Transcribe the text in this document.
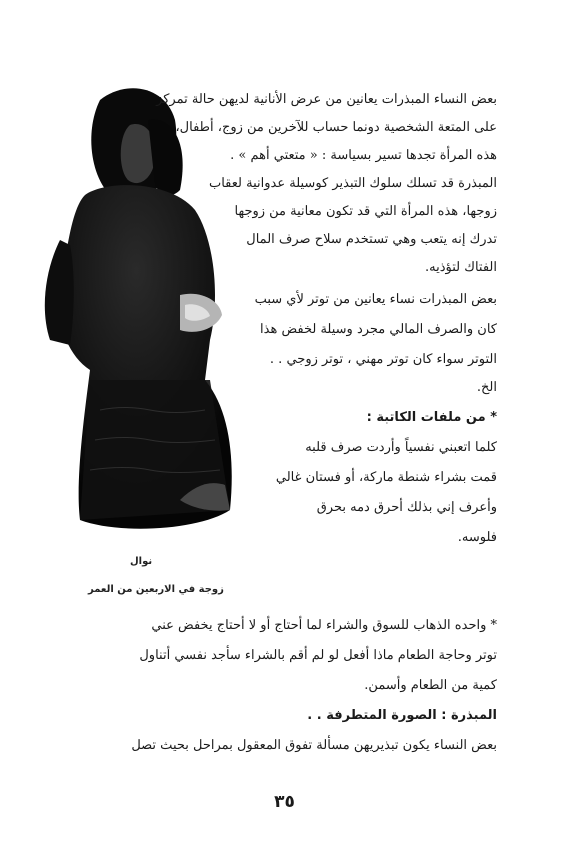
نوال
زوجة في الاربعين من العمر
بعض النساء المبذرات يعانين من عرض الأنانية لديهن حالة تمركز
على المتعة الشخصية دونما حساب للآخرين من زوج، أطفال،
هذه المرأة تجدها تسير بسياسة : « متعتي أهم » .
المبذرة قد تسلك سلوك التبذير كوسيلة عدوانية لعقاب
زوجها، هذه المرأة التي قد تكون معانية من زوجها
تدرك إنه يتعب وهي تستخدم سلاح صرف المال
الفتاك لتؤذيه.
بعض المبذرات نساء يعانين من توتر لأي سبب
كان والصرف المالي مجرد وسيلة لخفض هذا
التوتر سواء كان توتر مهني ، توتر زوجي . .
الخ.
* من ملفات الكاتبة :
كلما اتعبني نفسياً وأردت صرف قلبه
قمت بشراء شنطة ماركة، أو فستان غالي
وأعرف إني بذلك أحرق دمه بحرق
فلوسه.
* واحده الذهاب للسوق والشراء لما أحتاج أو لا أحتاج يخفض عني
توتر وحاجة الطعام ماذا أفعل لو لم أقم بالشراء سأجد نفسي أتناول
كمية من الطعام وأسمن.
المبذرة : الصورة المتطرفة . .
بعض النساء يكون تبذيريهن مسألة تفوق المعقول بمراحل بحيث تصل
٣٥
